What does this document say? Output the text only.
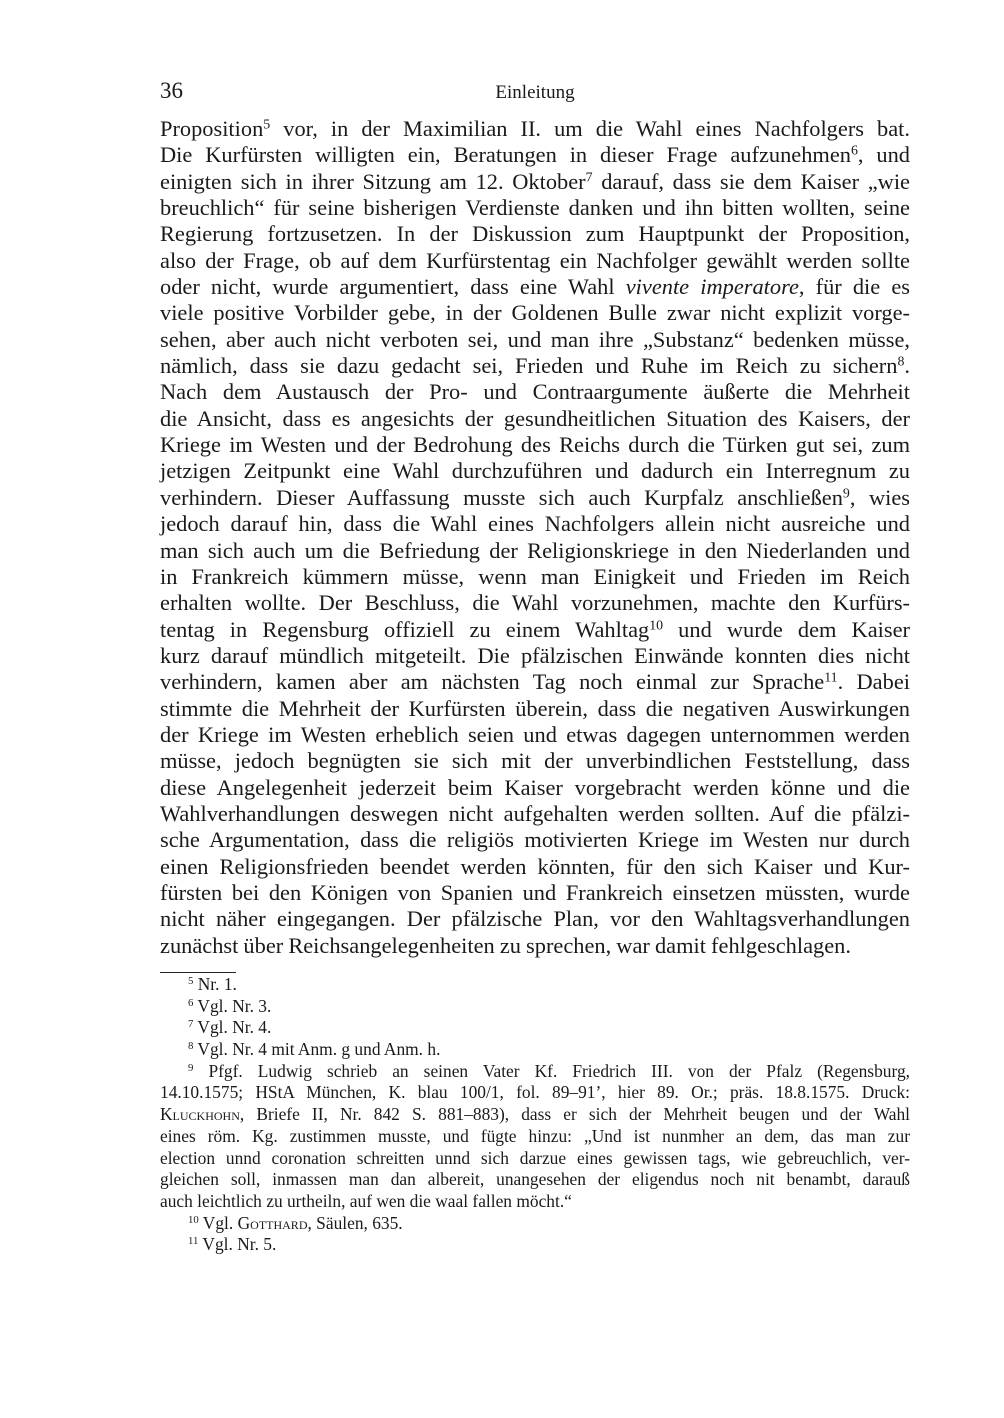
36	Einleitung
Proposition$^5$ vor, in der Maximilian II. um die Wahl eines Nachfolgers bat.
Die Kurfürsten willigten ein, Beratungen in dieser Frage aufzunehmen$^6$, und
einigten sich in ihrer Sitzung am 12. Oktober$^7$ darauf, dass sie dem Kaiser „wie
breuchlich“ für seine bisherigen Verdienste danken und ihn bitten wollten, seine
Regierung fortzusetzen. In der Diskussion zum Hauptpunkt der Proposition,
also der Frage, ob auf dem Kurfürstentag ein Nachfolger gewählt werden sollte
oder nicht, wurde argumentiert, dass eine Wahl vivente imperatore, für die es
viele positive Vorbilder gebe, in der Goldenen Bulle zwar nicht explizit vorge-
sehen, aber auch nicht verboten sei, und man ihre „Substanz“ bedenken müsse,
nämlich, dass sie dazu gedacht sei, Frieden und Ruhe im Reich zu sichern$^8$.
Nach dem Austausch der Pro- und Contraargumente äußerte die Mehrheit
die Ansicht, dass es angesichts der gesundheitlichen Situation des Kaisers, der
Kriege im Westen und der Bedrohung des Reichs durch die Türken gut sei, zum
jetzigen Zeitpunkt eine Wahl durchzuführen und dadurch ein Interregnum zu
verhindern. Dieser Auffassung musste sich auch Kurpfalz anschließen$^9$, wies
jedoch darauf hin, dass die Wahl eines Nachfolgers allein nicht ausreiche und
man sich auch um die Befriedung der Religionskriege in den Niederlanden und
in Frankreich kümmern müsse, wenn man Einigkeit und Frieden im Reich
erhalten wollte. Der Beschluss, die Wahl vorzunehmen, machte den Kurfürs-
tentag in Regensburg offiziell zu einem Wahltag$^{10}$ und wurde dem Kaiser
kurz darauf mündlich mitgeteilt. Die pfälzischen Einwände konnten dies nicht
verhindern, kamen aber am nächsten Tag noch einmal zur Sprache$^{11}$. Dabei
stimmte die Mehrheit der Kurfürsten überein, dass die negativen Auswirkungen
der Kriege im Westen erheblich seien und etwas dagegen unternommen werden
müsse, jedoch begnügten sie sich mit der unverbindlichen Feststellung, dass
diese Angelegenheit jederzeit beim Kaiser vorgebracht werden könne und die
Wahlverhandlungen deswegen nicht aufgehalten werden sollten. Auf die pfälzi-
sche Argumentation, dass die religiös motivierten Kriege im Westen nur durch
einen Religionsfrieden beendet werden könnten, für den sich Kaiser und Kur-
fürsten bei den Königen von Spanien und Frankreich einsetzen müssten, wurde
nicht näher eingegangen. Der pfälzische Plan, vor den Wahltagsverhandlungen
zunächst über Reichsangelegenheiten zu sprechen, war damit fehlgeschlagen.
$^5$ Nr. 1.
$^6$ Vgl. Nr. 3.
$^7$ Vgl. Nr. 4.
$^8$ Vgl. Nr. 4 mit Anm. g und Anm. h.
$^9$ Pfgf. Ludwig schrieb an seinen Vater Kf. Friedrich III. von der Pfalz (Regensburg,
14.10.1575; HStA München, K. blau 100/1, fol. 89–91’, hier 89. Or.; präs. 18.8.1575. Druck:
Kluckhohn, Briefe II, Nr. 842 S. 881–883), dass er sich der Mehrheit beugen und der Wahl
eines röm. Kg. zustimmen musste, und fügte hinzu: „Und ist nunmher an dem, das man zur
election unnd coronation schreitten unnd sich darzue eines gewissen tags, wie gebreuchlich, ver-
gleichen soll, inmassen man dan albereit, unangesehen der eligendus noch nit benambt, darauß
auch leichtlich zu urtheiln, auf wen die waal fallen möcht.“
$^{10}$ Vgl. Gotthard, Säulen, 635.
$^{11}$ Vgl. Nr. 5.
